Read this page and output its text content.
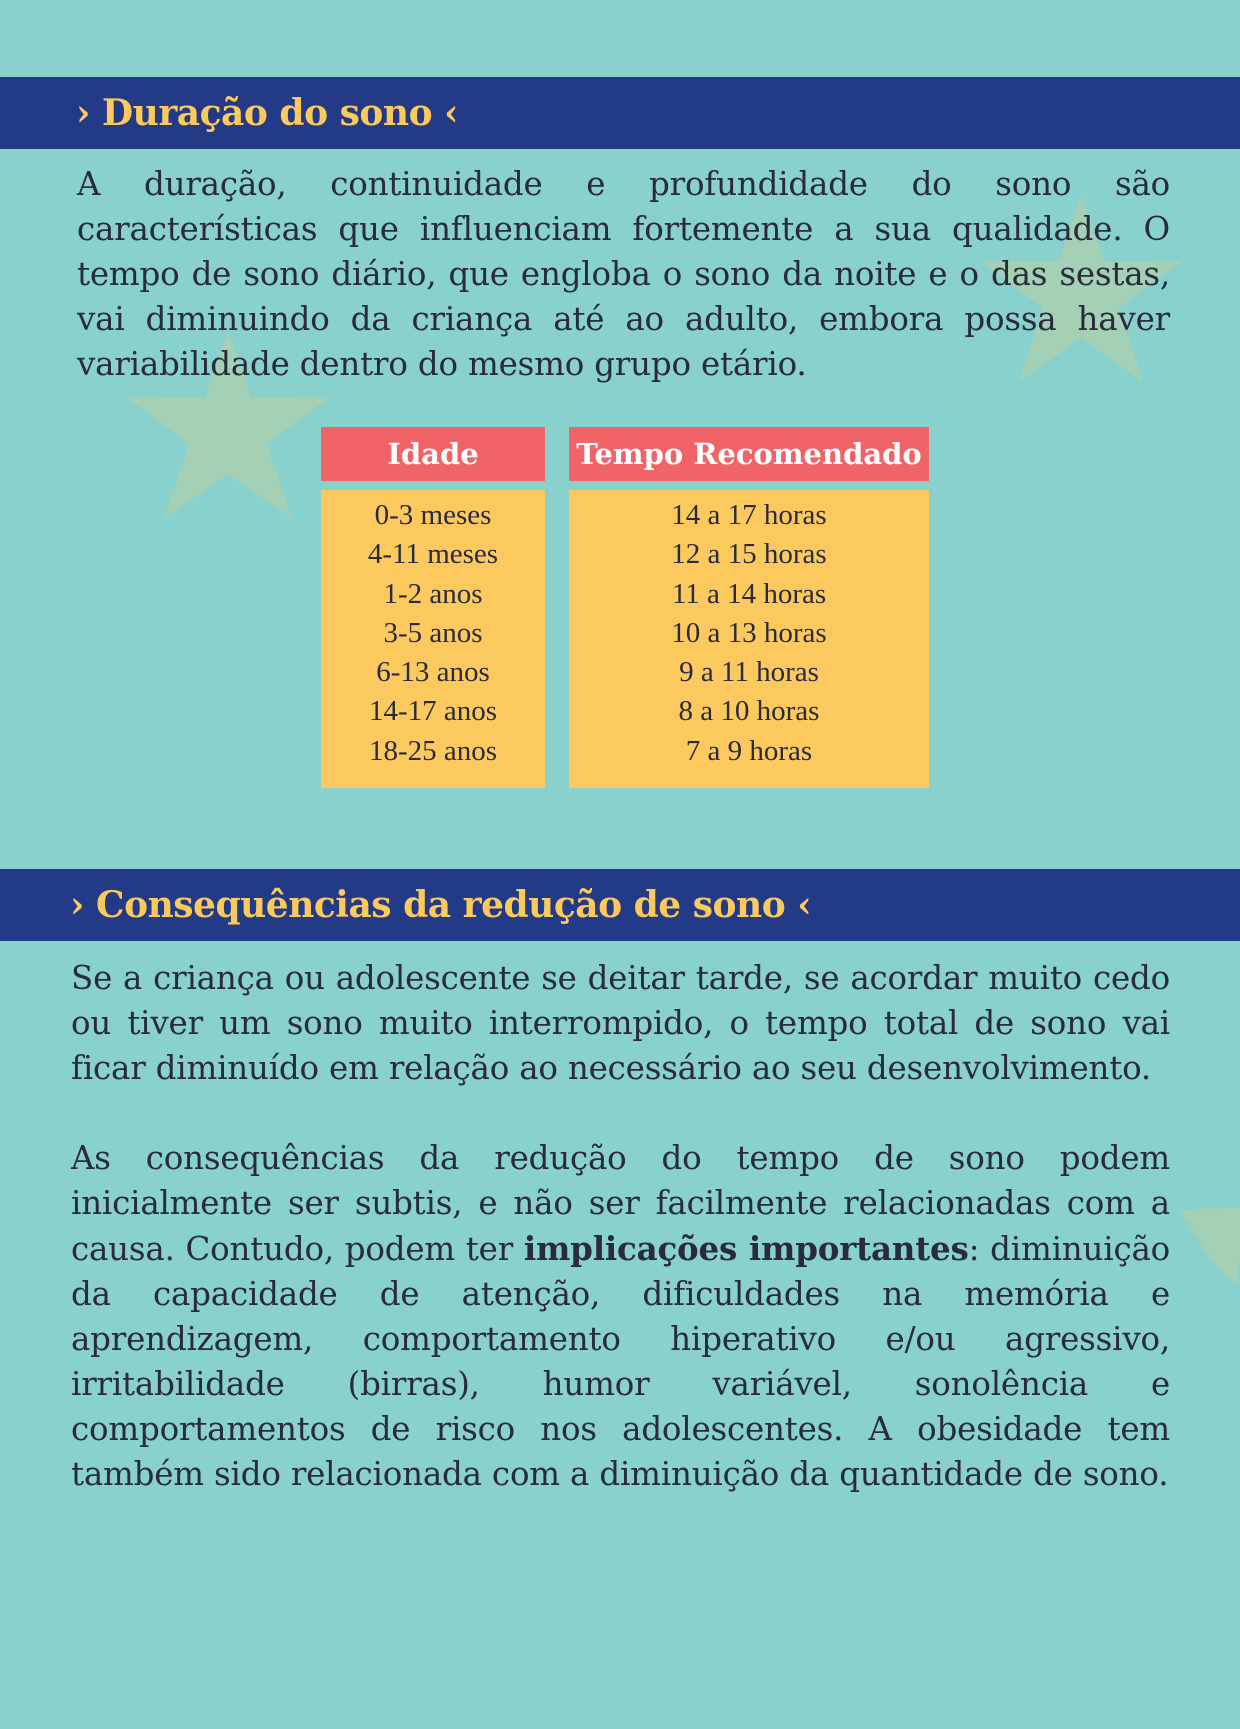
› Duração do sono ‹

A duração, continuidade e profundidade do sono são características que influenciam fortemente a sua qualidade. O tempo de sono diário, que engloba o sono da noite e o das sestas, vai diminuindo da criança até ao adulto, embora possa haver variabilidade dentro do mesmo grupo etário.

Idade	Tempo Recomendado
0-3 meses
4-11 meses
1-2 anos
3-5 anos
6-13 anos
14-17 anos
18-25 anos
14 a 17 horas
12 a 15 horas
11 a 14 horas
10 a 13 horas
9 a 11 horas
8 a 10 horas
7 a 9 horas
› Consequências da redução de sono ‹

Se a criança ou adolescente se deitar tarde, se acordar muito cedo ou tiver um sono muito interrompido, o tempo total de sono vai ficar diminuído em relação ao necessário ao seu desenvolvimento.

As consequências da redução do tempo de sono podem inicialmente ser subtis, e não ser facilmente relacionadas com a causa. Contudo, podem ter implicações importantes: diminuição da capacidade de atenção, dificuldades na memória e aprendizagem, comportamento hiperativo e/ou agressivo, irritabilidade (birras), humor variável, sonolência e comportamentos de risco nos adolescentes. A obesidade tem também sido relacionada com a diminuição da quantidade de sono.
